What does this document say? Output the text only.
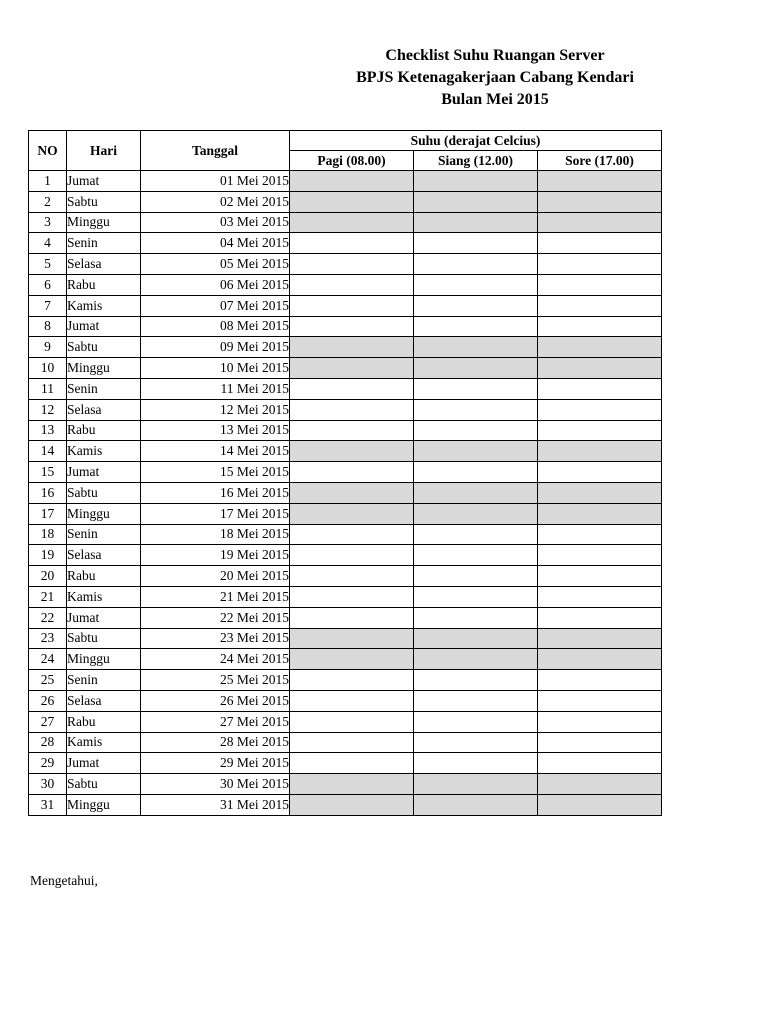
Checklist Suhu Ruangan Server
BPJS Ketenagakerjaan Cabang Kendari
Bulan Mei 2015
NO	Hari	Tanggal	Suhu (derajat Celcius)		
			Pagi (08.00)	Siang (12.00)	Sore (17.00)
1	Jumat	01 Mei 2015			
2	Sabtu	02 Mei 2015			
3	Minggu	03 Mei 2015			
4	Senin	04 Mei 2015			
5	Selasa	05 Mei 2015			
6	Rabu	06 Mei 2015			
7	Kamis	07 Mei 2015			
8	Jumat	08 Mei 2015			
9	Sabtu	09 Mei 2015			
10	Minggu	10 Mei 2015			
11	Senin	11 Mei 2015			
12	Selasa	12 Mei 2015			
13	Rabu	13 Mei 2015			
14	Kamis	14 Mei 2015			
15	Jumat	15 Mei 2015			
16	Sabtu	16 Mei 2015			
17	Minggu	17 Mei 2015			
18	Senin	18 Mei 2015			
19	Selasa	19 Mei 2015			
20	Rabu	20 Mei 2015			
21	Kamis	21 Mei 2015			
22	Jumat	22 Mei 2015			
23	Sabtu	23 Mei 2015			
24	Minggu	24 Mei 2015			
25	Senin	25 Mei 2015			
26	Selasa	26 Mei 2015			
27	Rabu	27 Mei 2015			
28	Kamis	28 Mei 2015			
29	Jumat	29 Mei 2015			
30	Sabtu	30 Mei 2015			
31	Minggu	31 Mei 2015			
Mengetahui,
